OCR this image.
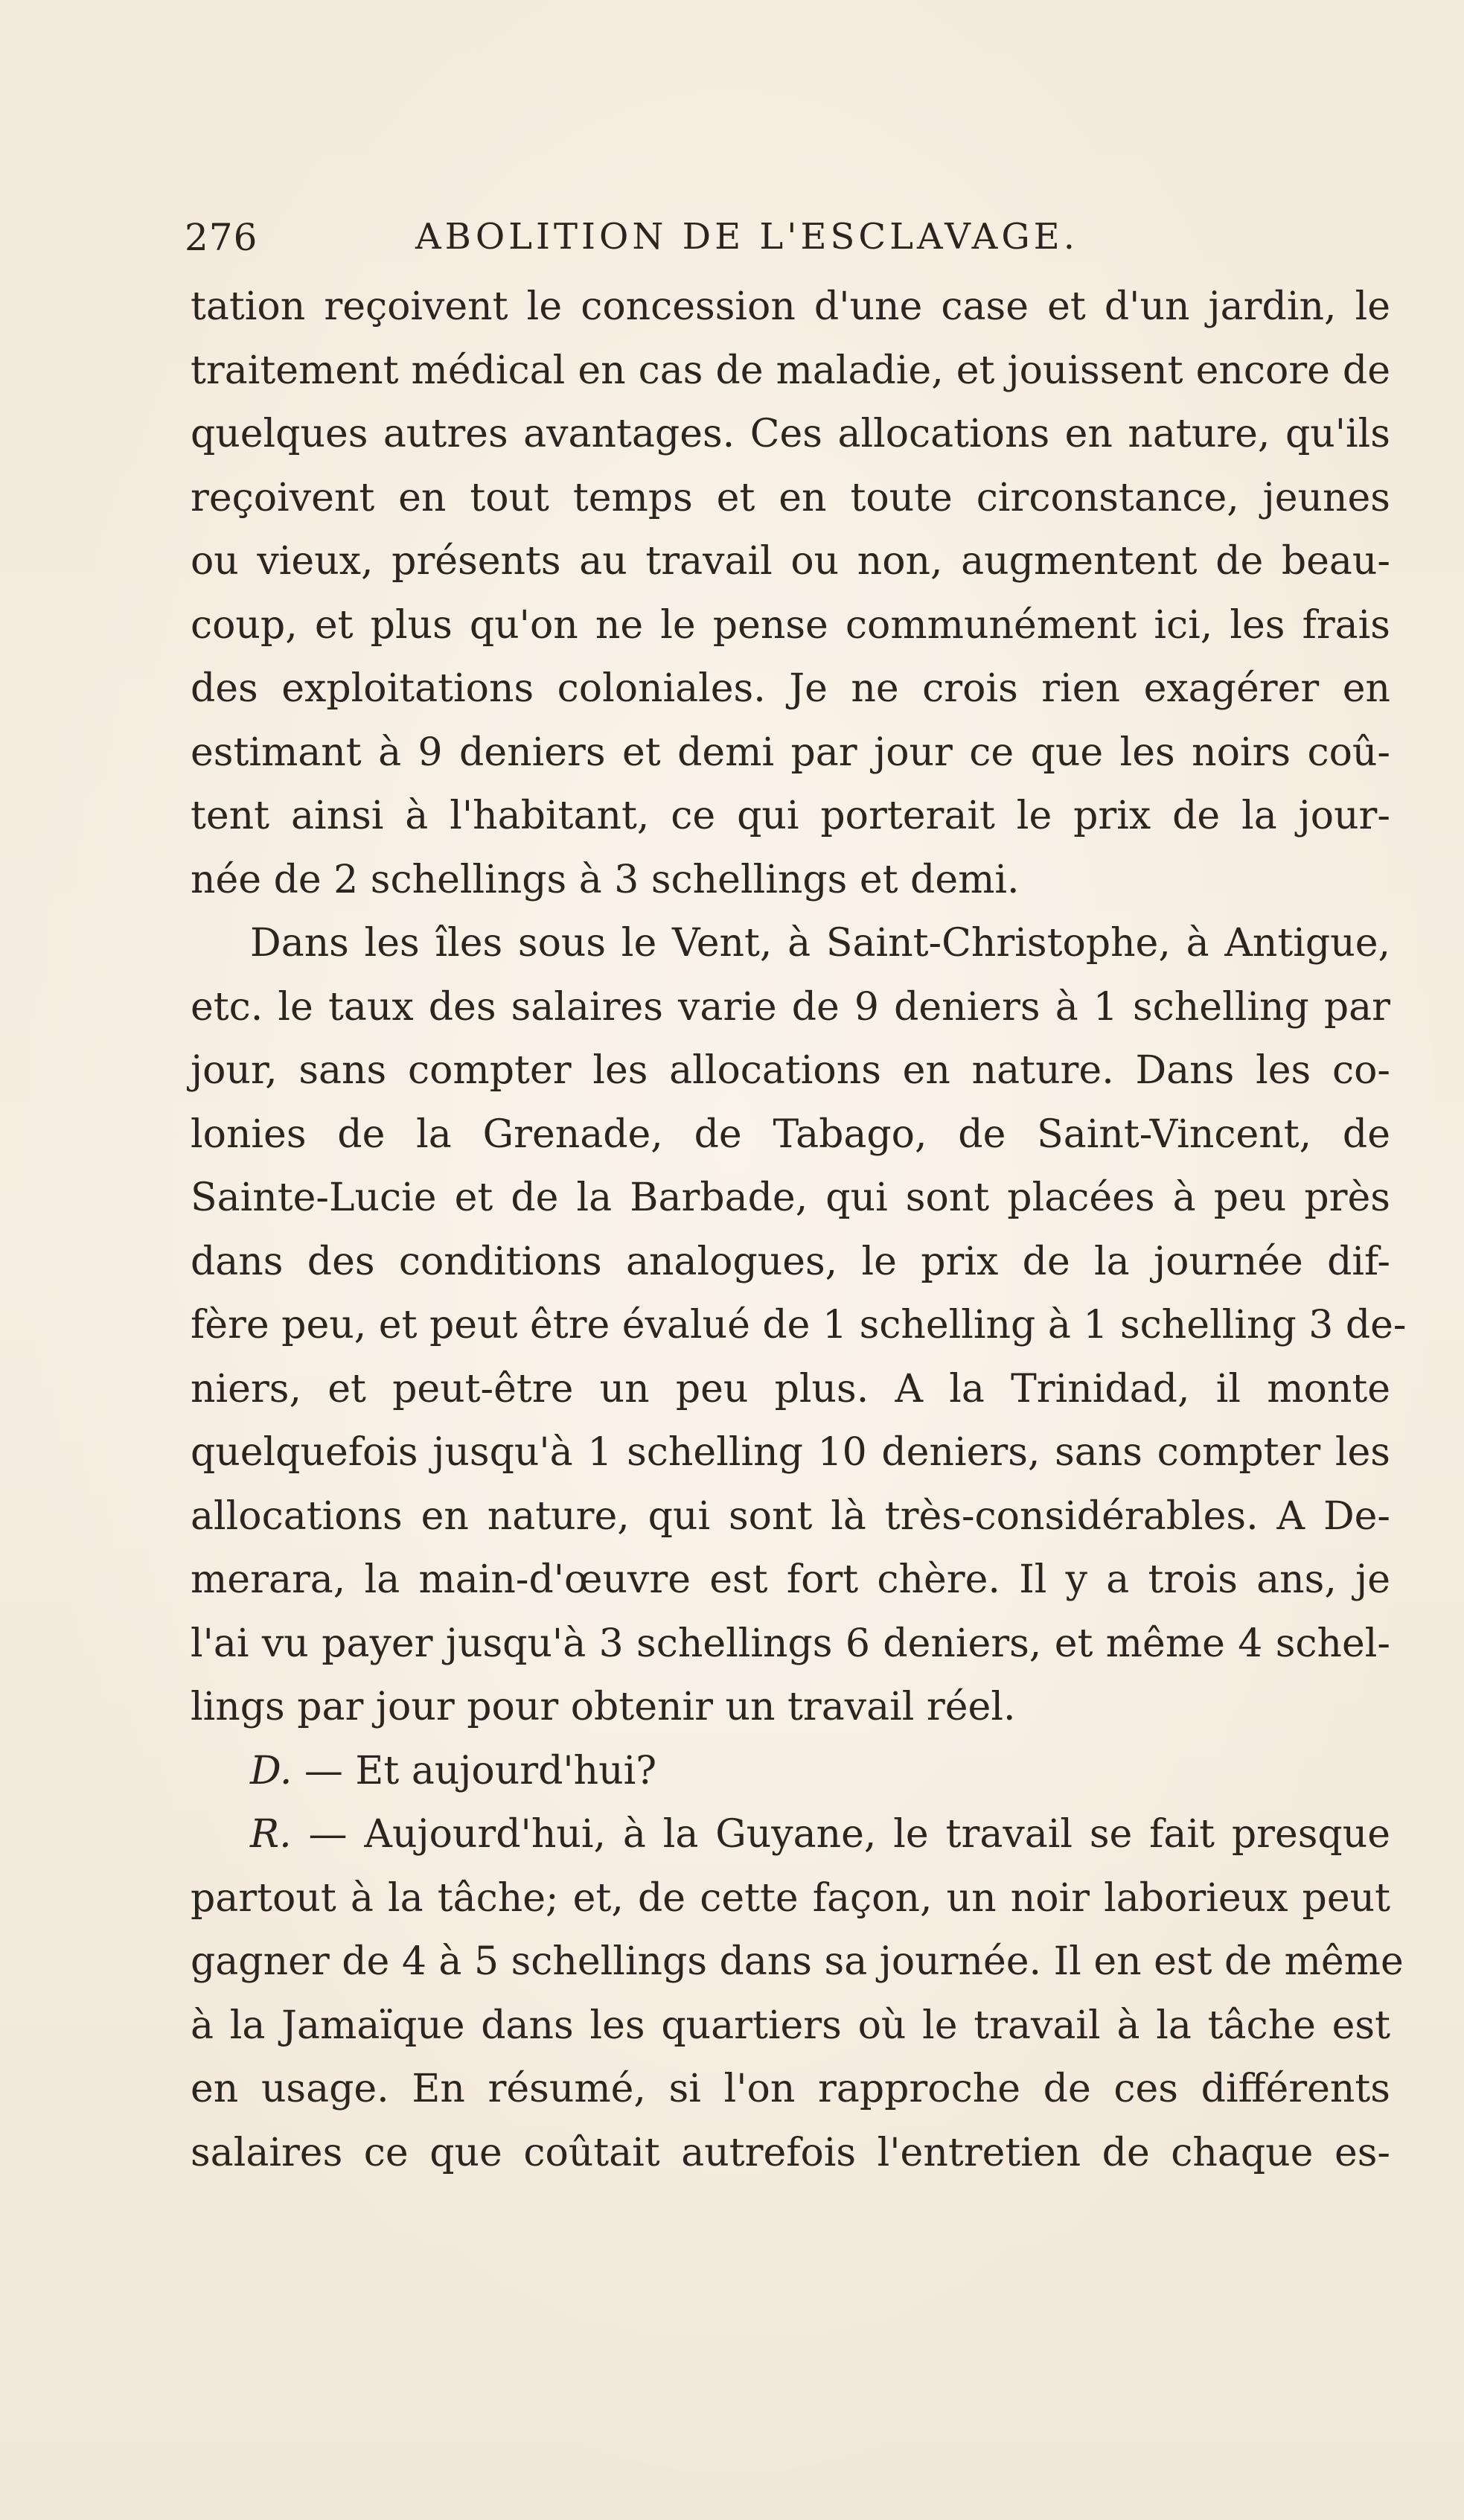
276	ABOLITION DE L'ESCLAVAGE.
tation reçoivent le concession d'une case et d'un jardin, le
traitement médical en cas de maladie, et jouissent encore de
quelques autres avantages. Ces allocations en nature, qu'ils
reçoivent en tout temps et en toute circonstance, jeunes
ou vieux, présents au travail ou non, augmentent de beau-
coup, et plus qu'on ne le pense communément ici, les frais
des exploitations coloniales. Je ne crois rien exagérer en
estimant à 9 deniers et demi par jour ce que les noirs coû-
tent ainsi à l'habitant, ce qui porterait le prix de la jour-
née de 2 schellings à 3 schellings et demi.
Dans les îles sous le Vent, à Saint-Christophe, à Antigue,
etc. le taux des salaires varie de 9 deniers à 1 schelling par
jour, sans compter les allocations en nature. Dans les co-
lonies de la Grenade, de Tabago, de Saint-Vincent, de
Sainte-Lucie et de la Barbade, qui sont placées à peu près
dans des conditions analogues, le prix de la journée dif-
fère peu, et peut être évalué de 1 schelling à 1 schelling 3 de-
niers, et peut-être un peu plus. A la Trinidad, il monte
quelquefois jusqu'à 1 schelling 10 deniers, sans compter les
allocations en nature, qui sont là très-considérables. A De-
merara, la main-d'œuvre est fort chère. Il y a trois ans, je
l'ai vu payer jusqu'à 3 schellings 6 deniers, et même 4 schel-
lings par jour pour obtenir un travail réel.
D. — Et aujourd'hui?
R. — Aujourd'hui, à la Guyane, le travail se fait presque
partout à la tâche; et, de cette façon, un noir laborieux peut
gagner de 4 à 5 schellings dans sa journée. Il en est de même
à la Jamaïque dans les quartiers où le travail à la tâche est
en usage. En résumé, si l'on rapproche de ces différents
salaires ce que coûtait autrefois l'entretien de chaque es-
